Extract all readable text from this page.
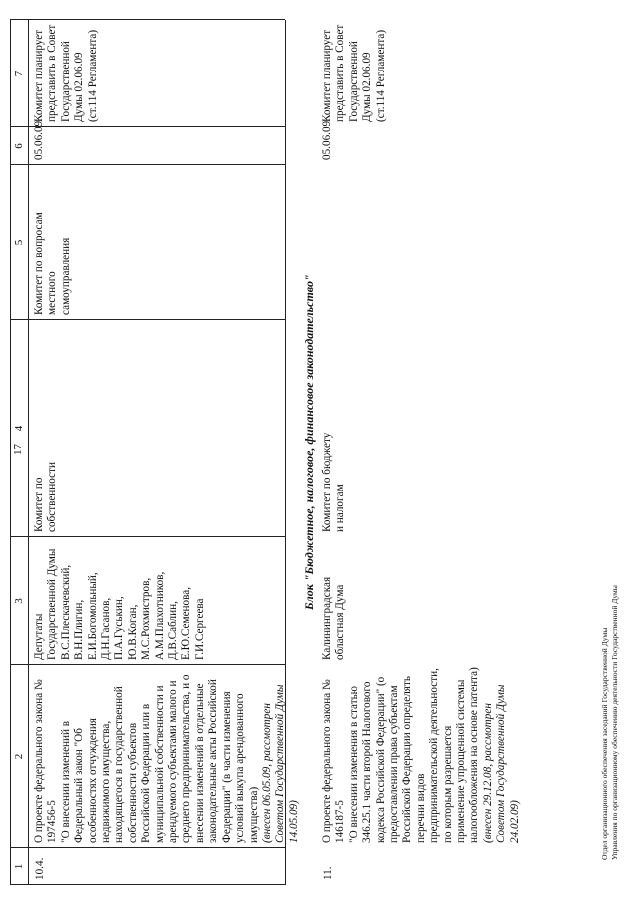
17
1
2
3
4
5
6
7
10.4.

О проекте федерального закона № 197456-5 "О внесении изменений в Федеральный закон "Об особенностях отчуждения недвижимого имущества, находящегося в государственной собственности субъектов Российской Федерации или в муниципальной собственности и арендуемого субъектами малого и среднего предпринимательства, и о внесении изменений в отдельные законодательные акты Российской Федерации" (в части изменения условий выкупа арендованного имущества) (внесен 06.05.09, рассмотрен Советом Государственной Думы 14.05.09)

Депутаты Государственной Думы В.С.Плескачевский, В.Н.Плигин, Е.И.Богомольный, Д.Н.Гасанов, П.А.Гуськин, Ю.В.Коган, М.С.Рохмистров, А.М.Плахотников, Д.В.Саблин, Е.Ю.Семенова, Г.И.Сергеева
Комитет по собственности
Комитет по вопросам местного самоуправления
05.06.09
Комитет планирует представить в Совет Государственной Думы 02.06.09 (ст.114 Регламента)
Блок "Бюджетное, налоговое, финансовое законодательство"
11.

О проекте федерального закона № 146187-5 "О внесении изменения в статью 346.25.1 части второй Налогового кодекса Российской Федерации" (о предоставлении права субъектам Российской Федерации определять перечни видов предпринимательской деятельности, по которым разрешается применение упрощенной системы налогообложения на основе патента) (внесен 29.12.08, рассмотрен Советом Государственной Думы 24.02.09)

Калининградская областная Дума
Комитет по бюджету и налогам
05.06.09
Комитет планирует представить в Совет Государственной Думы 02.06.09 (ст.114 Регламента)
Отдел организационного обеспечения заседаний Государственной Думы Управления по организационному обеспечению деятельности Государственной Думы
